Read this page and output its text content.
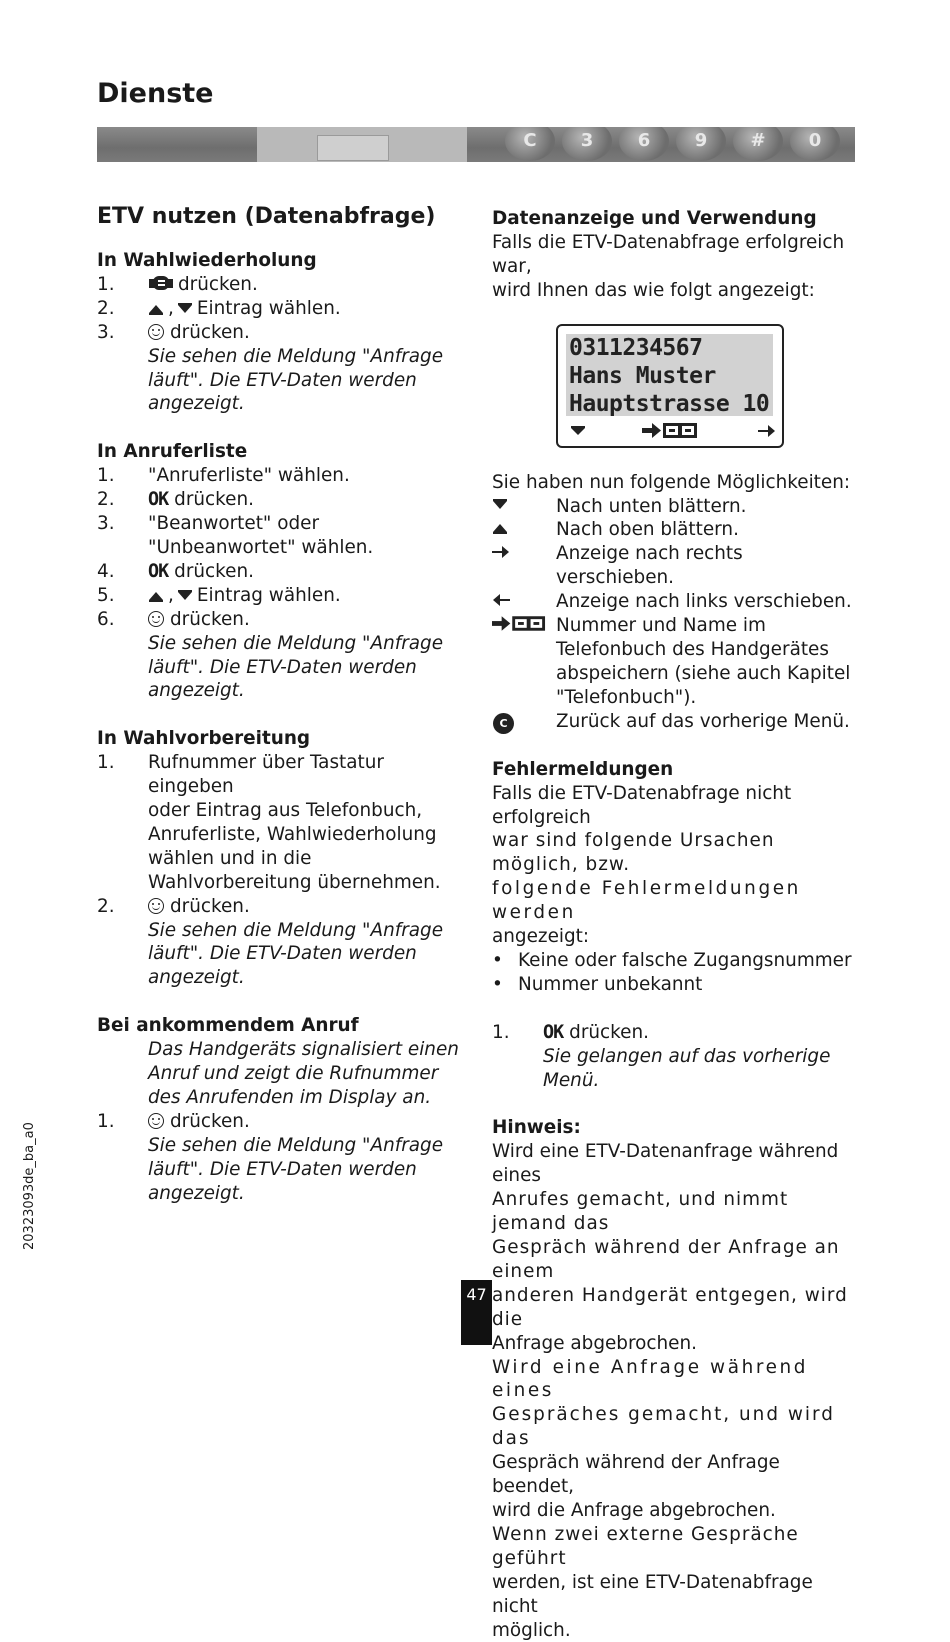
Dienste
C	3	6	9	#	0
ETV nutzen (Datenabfrage)
In Wahlwiederholung
1.	drücken.
2.	, Eintrag wählen.
3.	drücken.
Sie sehen die Meldung "Anfrage
läuft". Die ETV-Daten werden
angezeigt.
In Anruferliste
1.	"Anruferliste" wählen.
2.	OK drücken.
3.	"Beanwortet" oder
"Unbeanwortet" wählen.
4.	OK drücken.
5.	, Eintrag wählen.
6.	drücken.
Sie sehen die Meldung "Anfrage
läuft". Die ETV-Daten werden
angezeigt.
In Wahlvorbereitung
1.	Rufnummer über Tastatur eingeben
oder Eintrag aus Telefonbuch,
Anruferliste, Wahlwiederholung
wählen und in die
Wahlvorbereitung übernehmen.
2.	drücken.
Sie sehen die Meldung "Anfrage
läuft". Die ETV-Daten werden
angezeigt.
Bei ankommendem Anruf
Das Handgeräts signalisiert einen
Anruf und zeigt die Rufnummer
des Anrufenden im Display an.
1.	drücken.
Sie sehen die Meldung "Anfrage
läuft". Die ETV-Daten werden
angezeigt.
Datenanzeige und Verwendung
Falls die ETV-Datenabfrage erfolgreich war,
wird Ihnen das wie folgt angezeigt:
0311234567
Hans Muster
Hauptstrasse 10
Sie haben nun folgende Möglichkeiten:
Nach unten blättern.
Nach oben blättern.
Anzeige nach rechts verschieben.
Anzeige nach links verschieben.
Nummer und Name im
Telefonbuch des Handgerätes
abspeichern (siehe auch Kapitel
"Telefonbuch").
C	Zurück auf das vorherige Menü.
Fehlermeldungen
Falls die ETV-Datenabfrage nicht erfolgreich
war sind folgende Ursachen möglich, bzw.
folgende Fehlermeldungen werden
angezeigt:
• Keine oder falsche Zugangsnummer
• Nummer unbekannt
1.	OK drücken.
Sie gelangen auf das vorherige Menü.
Hinweis:
Wird eine ETV-Datenanfrage während eines
Anrufes gemacht, und nimmt jemand das
Gespräch während der Anfrage an einem
anderen Handgerät entgegen, wird die
Anfrage abgebrochen.
Wird eine Anfrage während eines
Gespräches gemacht, und wird das
Gespräch während der Anfrage beendet,
wird die Anfrage abgebrochen.
Wenn zwei externe Gespräche geführt
werden, ist eine ETV-Datenabfrage nicht
möglich.
20323093de_ba_a0
47
